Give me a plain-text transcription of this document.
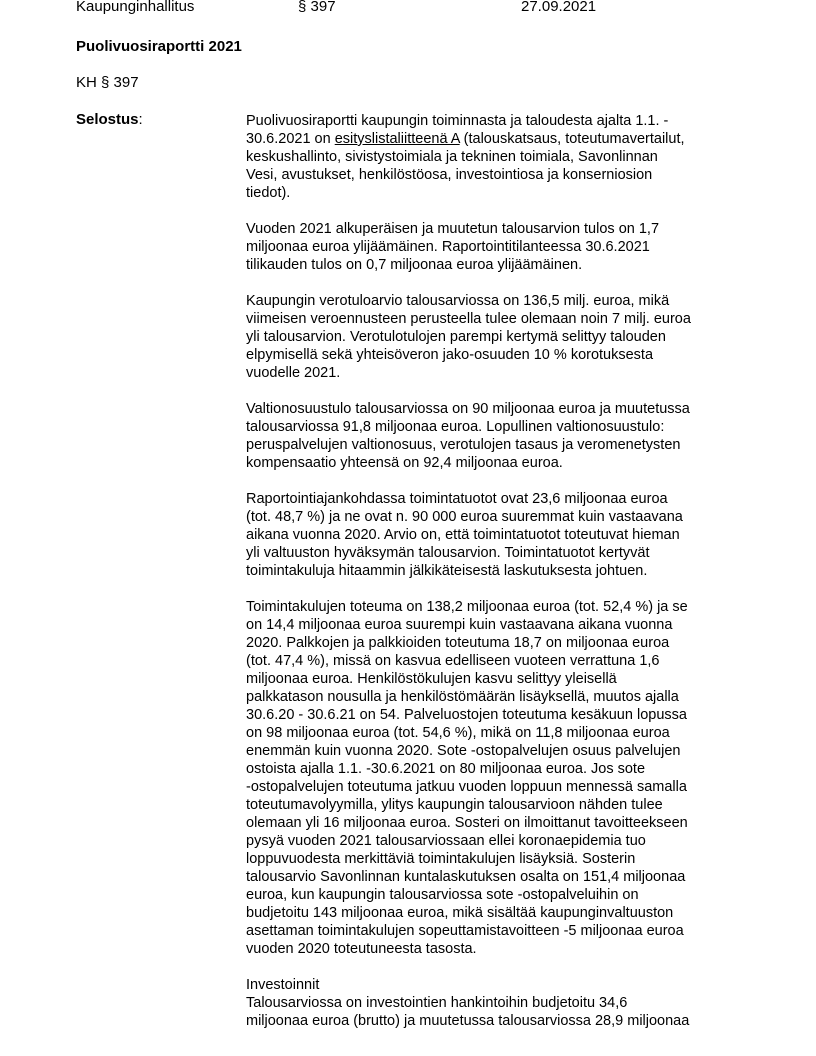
Kaupunginhallitus	§ 397	27.09.2021
Puolivuosiraportti 2021
KH § 397
Selostus:	Puolivuosiraportti kaupungin toiminnasta ja taloudesta ajalta 1.1. -
30.6.2021 on esityslistaliitteenä A (talouskatsaus, toteutumavertailut,
keskushallinto, sivistystoimiala ja tekninen toimiala, Savonlinnan
Vesi, avustukset, henkilöstöosa, investointiosa ja konserniosion
tiedot).

Vuoden 2021 alkuperäisen ja muutetun talousarvion tulos on 1,7
miljoonaa euroa ylijäämäinen. Raportointitilanteessa 30.6.2021
tilikauden tulos on 0,7 miljoonaa euroa ylijäämäinen.

Kaupungin verotuloarvio talousarviossa on 136,5 milj. euroa, mikä
viimeisen veroennusteen perusteella tulee olemaan noin 7 milj. euroa
yli talousarvion. Verotulotulojen parempi kertymä selittyy talouden
elpymisellä sekä yhteisöveron jako-osuuden 10 % korotuksesta
vuodelle 2021.

Valtionosuustulo talousarviossa on 90 miljoonaa euroa ja muutetussa
talousarviossa 91,8 miljoonaa euroa. Lopullinen valtionosuustulo:
peruspalvelujen valtionosuus, verotulojen tasaus ja veromenetysten
kompensaatio yhteensä on 92,4 miljoonaa euroa.

Raportointiajankohdassa toimintatuotot ovat 23,6 miljoonaa euroa
(tot. 48,7 %) ja ne ovat n. 90 000 euroa suuremmat kuin vastaavana
aikana vuonna 2020. Arvio on, että toimintatuotot toteutuvat hieman
yli valtuuston hyväksymän talousarvion. Toimintatuotot kertyvät
toimintakuluja hitaammin jälkikäteisestä laskutuksesta johtuen.

Toimintakulujen toteuma on 138,2 miljoonaa euroa (tot. 52,4 %) ja se
on 14,4 miljoonaa euroa suurempi kuin vastaavana aikana vuonna
2020. Palkkojen ja palkkioiden toteutuma 18,7 on miljoonaa euroa
(tot. 47,4 %), missä on kasvua edelliseen vuoteen verrattuna 1,6
miljoonaa euroa. Henkilöstökulujen kasvu selittyy yleisellä
palkkatason nousulla ja henkilöstömäärän lisäyksellä, muutos ajalla
30.6.20 - 30.6.21 on 54. Palveluostojen toteutuma kesäkuun lopussa
on 98 miljoonaa euroa (tot. 54,6 %), mikä on 11,8 miljoonaa euroa
enemmän kuin vuonna 2020. Sote -ostopalvelujen osuus palvelujen
ostoista ajalla 1.1. -30.6.2021 on 80 miljoonaa euroa. Jos sote
-ostopalvelujen toteutuma jatkuu vuoden loppuun mennessä samalla
toteutumavolyymilla, ylitys kaupungin talousarvioon nähden tulee
olemaan yli 16 miljoonaa euroa. Sosteri on ilmoittanut tavoitteekseen
pysyä vuoden 2021 talousarviossaan ellei koronaepidemia tuo
loppuvuodesta merkittäviä toimintakulujen lisäyksiä. Sosterin
talousarvio Savonlinnan kuntalaskutuksen osalta on 151,4 miljoonaa
euroa, kun kaupungin talousarviossa sote -ostopalveluihin on
budjetoitu 143 miljoonaa euroa, mikä sisältää kaupunginvaltuuston
asettaman toimintakulujen sopeuttamistavoitteen -5 miljoonaa euroa
vuoden 2020 toteutuneesta tasosta.

Investoinnit
Talousarviossa on investointien hankintoihin budjetoitu 34,6
miljoonaa euroa (brutto) ja muutetussa talousarviossa 28,9 miljoonaa
